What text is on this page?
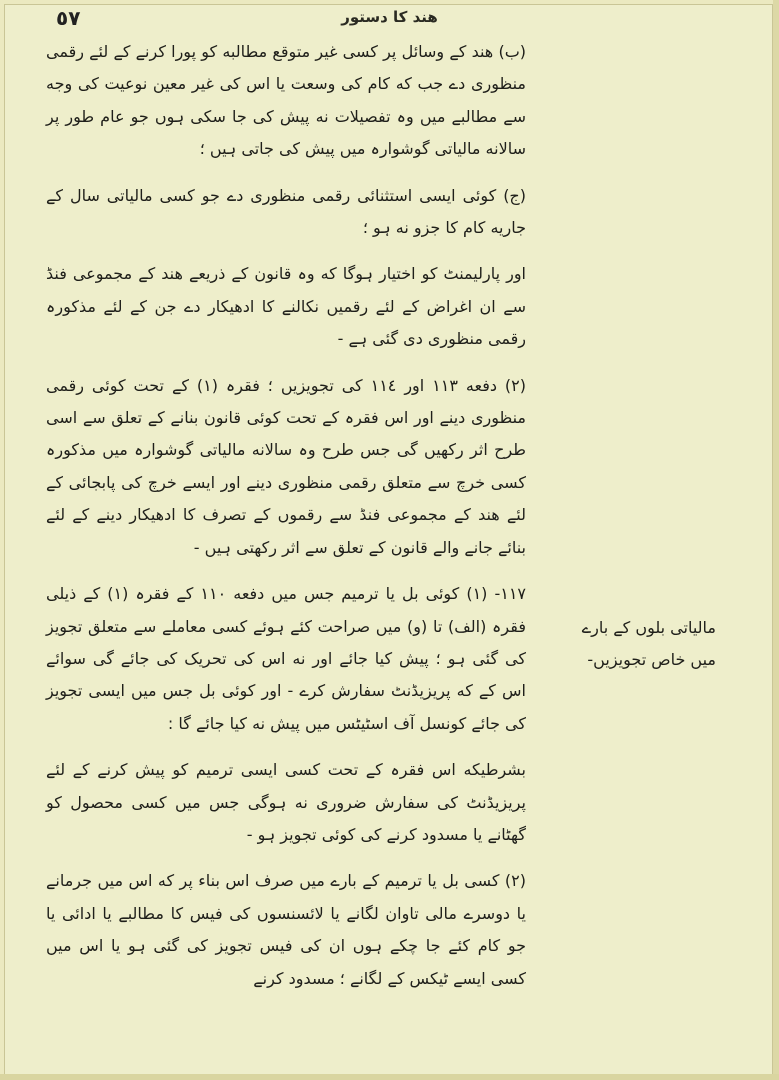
٥٧	هند کا دستور

(ب) هند کے وسائل پر کسی غیر متوقع مطالبه کو پورا کرنے کے لئے رقمی منظوری دے جب که کام کی وسعت یا اس کی غیر معین نوعیت کی وجه سے مطالبے میں وہ تفصیلات نه پیش کی جا سکی ہوں جو عام طور پر سالانه مالیاتی گوشوارہ میں پیش کی جاتی ہیں ؛

(ج) کوئی ایسی استثنائی رقمی منظوری دے جو کسی مالیاتی سال کے جاریه کام کا جزو نه ہو ؛

اور پارلیمنٹ کو اختیار ہوگا که وہ قانون کے ذریعے هند کے مجموعی فنڈ سے ان اغراض کے لئے رقمیں نکالنے کا ادھیکار دے جن کے لئے مذکورہ رقمی منظوری دی گئی ہے -

(٢) دفعه ١١٣ اور ١١٤ کی تجویزیں ؛ فقرہ (١) کے تحت کوئی رقمی منظوری دینے اور اس فقرہ کے تحت کوئی قانون بنانے کے تعلق سے اسی طرح اثر رکھیں گی جس طرح وہ سالانه مالیاتی گوشوارہ میں مذکورہ کسی خرچ سے متعلق رقمی منظوری دینے اور ایسے خرچ کی پابجائی کے لئے هند کے مجموعی فنڈ سے رقموں کے تصرف کا ادھیکار دینے کے لئے بنائے جانے والے قانون کے تعلق سے اثر رکھتی ہیں -

١١٧- (١) کوئی بل یا ترمیم جس میں دفعه ١١٠ کے فقرہ (١) کے ذیلی فقرہ (الف) تا (و) میں صراحت کئے ہوئے کسی معاملے سے متعلق تجویز کی گئی ہو ؛ پیش کیا جائے اور نه اس کی تحریک کی جائے گی سوائے اس کے که پریزیڈنٹ سفارش کرے - اور کوئی بل جس میں ایسی تجویز کی جائے کونسل آف اسٹیٹس میں پیش نه کیا جائے گا :

بشرطیکه اس فقرہ کے تحت کسی ایسی ترمیم کو پیش کرنے کے لئے پریزیڈنٹ کی سفارش ضروری نه ہوگی جس میں کسی محصول کو گھٹانے یا مسدود کرنے کی کوئی تجویز ہو -

(٢) کسی بل یا ترمیم کے بارے میں صرف اس بناء پر که اس میں جرمانے یا دوسرے مالی تاوان لگانے یا لائسنسوں کی فیس کا مطالبے یا ادائی یا جو کام کئے جا چکے ہوں ان کی فیس تجویز کی گئی ہو یا اس میں کسی ایسے ٹیکس کے لگانے ؛ مسدود کرنے

مالیاتی بلوں کے بارے میں خاص تجویزیں-
